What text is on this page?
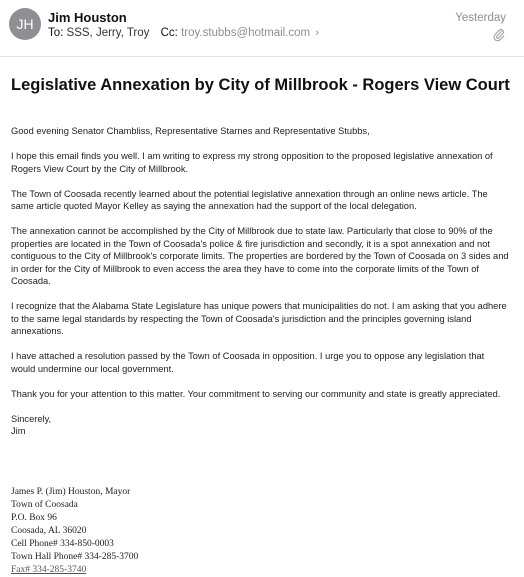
JH	Jim Houston
To: SSS, Jerry, Troy Cc: troy.stubbs@hotmail.com ›
Yesterday
Legislative Annexation by City of Millbrook - Rogers View Court

Good evening Senator Chambliss, Representative Starnes and Representative Stubbs,

I hope this email finds you well. I am writing to express my strong opposition to the proposed legislative annexation of Rogers View Court by the City of Millbrook.

The Town of Coosada recently learned about the potential legislative annexation through an online news article. The same article quoted Mayor Kelley as saying the annexation had the support of the local delegation.

The annexation cannot be accomplished by the City of Millbrook due to state law. Particularly that close to 90% of the properties are located in the Town of Coosada's police & fire jurisdiction and secondly, it is a spot annexation and not contiguous to the City of Millbrook's corporate limits. The properties are bordered by the Town of Coosada on 3 sides and in order for the City of Millbrook to even access the area they have to come into the corporate limits of the Town of Coosada.

I recognize that the Alabama State Legislature has unique powers that municipalities do not. I am asking that you adhere to the same legal standards by respecting the Town of Coosada's jurisdiction and the principles governing island annexations.

I have attached a resolution passed by the Town of Coosada in opposition. I urge you to oppose any legislation that would undermine our local government.

Thank you for your attention to this matter. Your commitment to serving our community and state is greatly appreciated.

Sincerely,

Jim

James P. (Jim) Houston, Mayor
Town of Coosada
P.O. Box 96
Coosada, AL 36020
Cell Phone# 334-850-0003
Town Hall Phone# 334-285-3700
Fax# 334-285-3740
